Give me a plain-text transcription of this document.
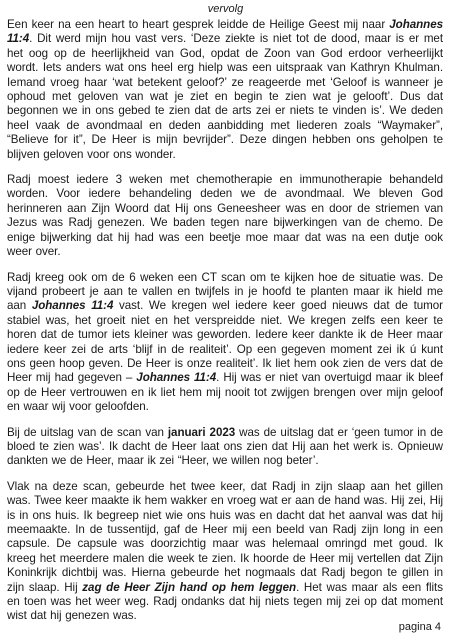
vervolg

Een keer na een heart to heart gesprek leidde de Heilige Geest mij naar Johannes 11:4. Dit werd mijn hou vast vers. ‘Deze ziekte is niet tot de dood, maar is er met het oog op de heerlijkheid van God, opdat de Zoon van God erdoor verheerlijkt wordt. Iets anders wat ons heel erg hielp was een uitspraak van Kathryn Khulman. Iemand vroeg haar ‘wat betekent geloof?’ ze reageerde met ‘Geloof is wanneer je ophoud met geloven van wat je ziet en begin te zien wat je gelooft’. Dus dat begonnen we in ons gebed te zien dat de arts zei er niets te vinden is’. We deden heel vaak de avondmaal en deden aanbidding met liederen zoals “Waymaker”, “Believe for it”, De Heer is mijn bevrijder”. Deze dingen hebben ons geholpen te blijven geloven voor ons wonder.

Radj moest iedere 3 weken met chemotherapie en immunotherapie behandeld worden. Voor iedere behandeling deden we de avondmaal. We bleven God herinneren aan Zijn Woord dat Hij ons Geneesheer was en door de striemen van Jezus was Radj genezen. We baden tegen nare bijwerkingen van de chemo. De enige bijwerking dat hij had was een beetje moe maar dat was na een dutje ook weer over.

Radj kreeg ook om de 6 weken een CT scan om te kijken hoe de situatie was. De vijand probeert je aan te vallen en twijfels in je hoofd te planten maar ik hield me aan Johannes 11:4 vast. We kregen wel iedere keer goed nieuws dat de tumor stabiel was, het groeit niet en het verspreidde niet. We kregen zelfs een keer te horen dat de tumor iets kleiner was geworden. Iedere keer dankte ik de Heer maar iedere keer zei de arts ‘blijf in de realiteit’. Op een gegeven moment zei ik ú kunt ons geen hoop geven. De Heer is onze realiteit’. Ik liet hem ook zien de vers dat de Heer mij had gegeven – Johannes 11:4. Hij was er niet van overtuigd maar ik bleef op de Heer vertrouwen en ik liet hem mij nooit tot zwijgen brengen over mijn geloof en waar wij voor geloofden.

Bij de uitslag van de scan van januari 2023 was de uitslag dat er ‘geen tumor in de bloed te zien was’. Ik dacht de Heer laat ons zien dat Hij aan het werk is. Opnieuw dankten we de Heer, maar ik zei “Heer, we willen nog beter’.

Vlak na deze scan, gebeurde het twee keer, dat Radj in zijn slaap aan het gillen was. Twee keer maakte ik hem wakker en vroeg wat er aan de hand was. Hij zei, Hij is in ons huis. Ik begreep niet wie ons huis was en dacht dat het aanval was dat hij meemaakte. In de tussentijd, gaf de Heer mij een beeld van Radj zijn long in een capsule. De capsule was doorzichtig maar was helemaal omringd met goud. Ik kreeg het meerdere malen die week te zien. Ik hoorde de Heer mij vertellen dat Zijn Koninkrijk dichtbij was. Hierna gebeurde het nogmaals dat Radj begon te gillen in zijn slaap. Hij zag de Heer Zijn hand op hem leggen. Het was maar als een flits en toen was het weer weg. Radj ondanks dat hij niets tegen mij zei op dat moment wist dat hij genezen was.

pagina 4
